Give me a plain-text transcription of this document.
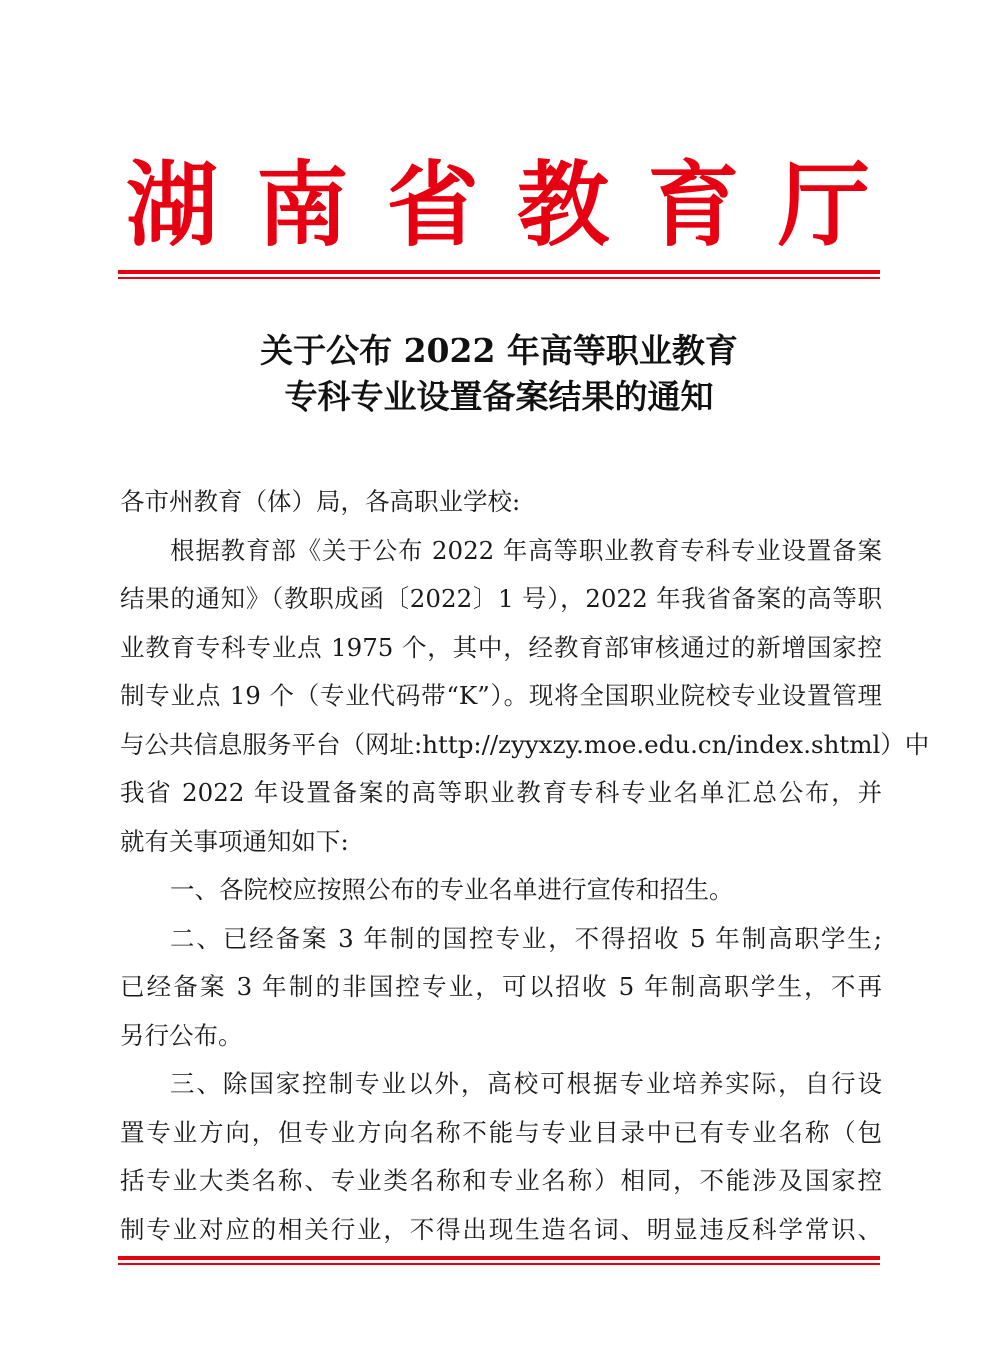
湖 南 省 教 育 厅
关于公布 2022 年高等职业教育
专科专业设置备案结果的通知
各市州教育（体）局，各高职业学校:
根据教育部《关于公布 2022 年高等职业教育专科专业设置备案
结果的通知》（教职成函〔2022〕1 号），2022 年我省备案的高等职
业教育专科专业点 1975 个，其中，经教育部审核通过的新增国家控
制专业点 19 个（专业代码带“K”）。现将全国职业院校专业设置管理
与公共信息服务平台（网址:http://zyyxzy.moe.edu.cn/index.shtml）中
我省 2022 年设置备案的高等职业教育专科专业名单汇总公布，并
就有关事项通知如下:
一、各院校应按照公布的专业名单进行宣传和招生。
二、已经备案 3 年制的国控专业，不得招收 5 年制高职学生;
已经备案 3 年制的非国控专业，可以招收 5 年制高职学生，不再
另行公布。
三、除国家控制专业以外，高校可根据专业培养实际，自行设
置专业方向，但专业方向名称不能与专业目录中已有专业名称（包
括专业大类名称、专业类名称和专业名称）相同，不能涉及国家控
制专业对应的相关行业，不得出现生造名词、明显违反科学常识、
